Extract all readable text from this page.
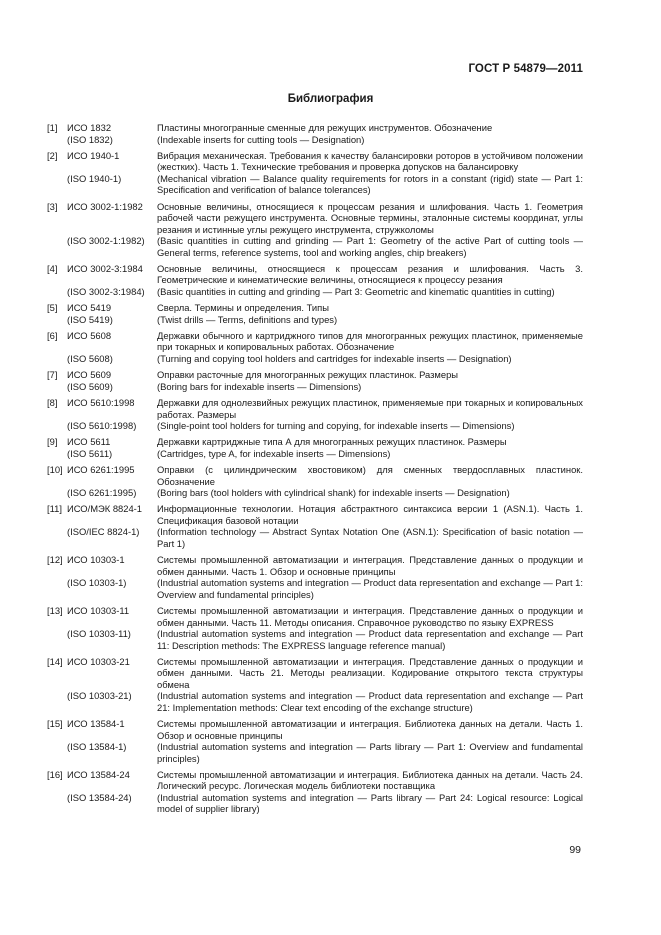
ГОСТ Р 54879—2011
Библиография
[1] ИСО 1832	Пластины многогранные сменные для режущих инструментов. Обозначение
(ISO 1832)	(Indexable inserts for cutting tools — Designation)
[2] ИСО 1940-1	Вибрация механическая. Требования к качеству балансировки роторов в устойчивом положении (жестких). Часть 1. Технические требования и проверка допусков на балансировку
(ISO 1940-1)	(Mechanical vibration — Balance quality requirements for rotors in a constant (rigid) state — Part 1: Specification and verification of balance tolerances)
[3] ИСО 3002-1:1982	Основные величины, относящиеся к процессам резания и шлифования. Часть 1. Геометрия рабочей части режущего инструмента. Основные термины, эталонные системы координат, углы резания и истинные углы режущего инструмента, стружколомы
(ISO 3002-1:1982)	(Basic quantities in cutting and grinding — Part 1: Geometry of the active Part of cutting tools — General terms, reference systems, tool and working angles, chip breakers)
[4] ИСО 3002-3:1984	Основные величины, относящиеся к процессам резания и шлифования. Часть 3. Геометрические и кинематические величины, относящиеся к процессу резания
(ISO 3002-3:1984)	(Basic quantities in cutting and grinding — Part 3: Geometric and kinematic quantities in cutting)
[5] ИСО 5419	Сверла. Термины и определения. Типы
(ISO 5419)	(Twist drills — Terms, definitions and types)
[6] ИСО 5608	Державки обычного и картриджного типов для многогранных режущих пластинок, применяемые при токарных и копировальных работах. Обозначение
(ISO 5608)	(Turning and copying tool holders and cartridges for indexable inserts — Designation)
[7] ИСО 5609	Оправки расточные для многогранных режущих пластинок. Размеры
(ISO 5609)	(Boring bars for indexable inserts — Dimensions)
[8] ИСО 5610:1998	Державки для однолезвийных режущих пластинок, применяемые при токарных и копировальных работах. Размеры
(ISO 5610:1998)	(Single-point tool holders for turning and copying, for indexable inserts — Dimensions)
[9] ИСО 5611	Державки картриджные типа А для многогранных режущих пластинок. Размеры
(ISO 5611)	(Cartridges, type A, for indexable inserts — Dimensions)
[10] ИСО 6261:1995	Оправки (с цилиндрическим хвостовиком) для сменных твердосплавных пластинок. Обозначение
(ISO 6261:1995)	(Boring bars (tool holders with cylindrical shank) for indexable inserts — Designation)
[11] ИСО/МЭК 8824-1	Информационные технологии. Нотация абстрактного синтаксиса версии 1 (ASN.1). Часть 1. Спецификация базовой нотации
(ISO/IEC 8824-1)	(Information technology — Abstract Syntax Notation One (ASN.1): Specification of basic notation — Part 1)
[12] ИСО 10303-1	Системы промышленной автоматизации и интеграция. Представление данных о продукции и обмен данными. Часть 1. Обзор и основные принципы
(ISO 10303-1)	(Industrial automation systems and integration — Product data representation and exchange — Part 1: Overview and fundamental principles)
[13] ИСО 10303-11	Системы промышленной автоматизации и интеграция. Представление данных о продукции и обмен данными. Часть 11. Методы описания. Справочное руководство по языку EXPRESS
(ISO 10303-11)	(Industrial automation systems and integration — Product data representation and exchange — Part 11: Description methods: The EXPRESS language reference manual)
[14] ИСО 10303-21	Системы промышленной автоматизации и интеграция. Представление данных о продукции и обмен данными. Часть 21. Методы реализации. Кодирование открытого текста структуры обмена
(ISO 10303-21)	(Industrial automation systems and integration — Product data representation and exchange — Part 21: Implementation methods: Clear text encoding of the exchange structure)
[15] ИСО 13584-1	Системы промышленной автоматизации и интеграция. Библиотека данных на детали. Часть 1. Обзор и основные принципы
(ISO 13584-1)	(Industrial automation systems and integration — Parts library — Part 1: Overview and fundamental principles)
[16] ИСО 13584-24	Системы промышленной автоматизации и интеграция. Библиотека данных на детали. Часть 24. Логический ресурс. Логическая модель библиотеки поставщика
(ISO 13584-24)	(Industrial automation systems and integration — Parts library — Part 24: Logical resource: Logical model of supplier library)
99
